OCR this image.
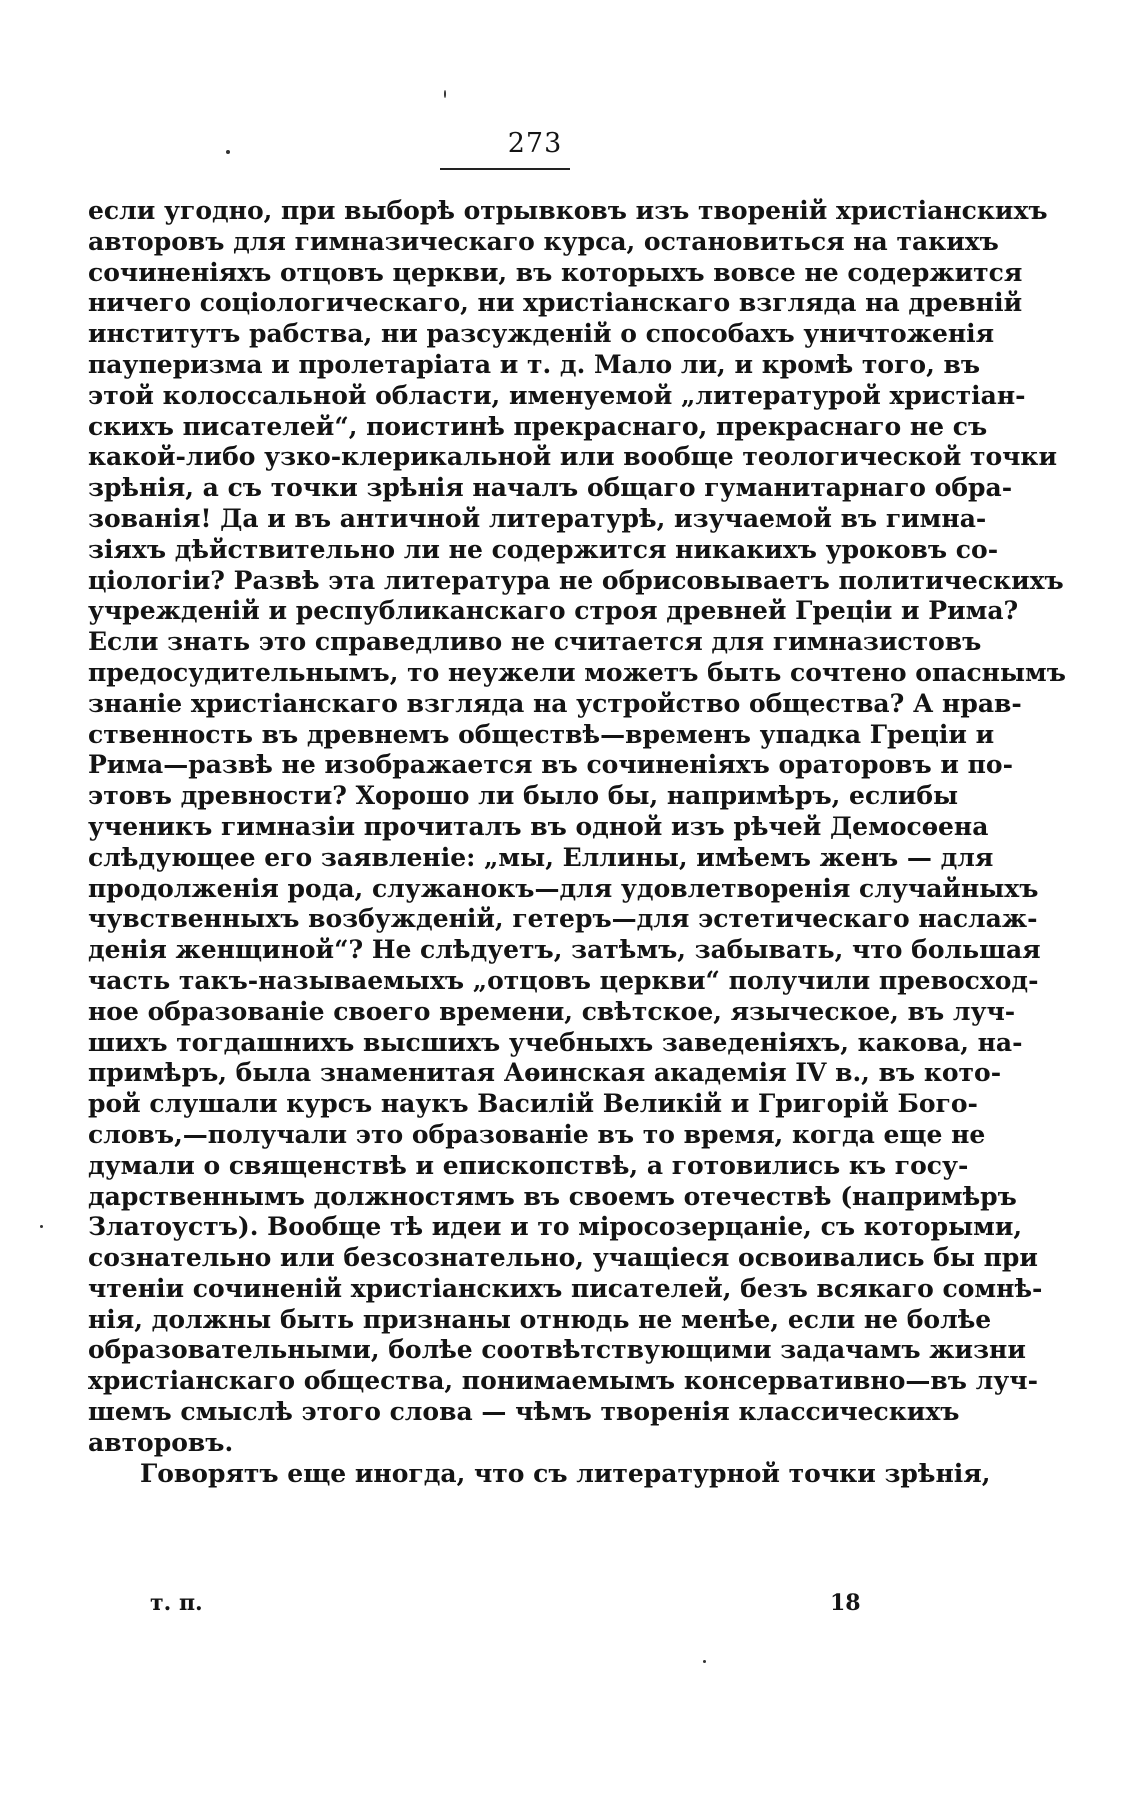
273
если угодно, при выборѣ отрывковъ изъ твореній христіанскихъ
авторовъ для гимназическаго курса, остановиться на такихъ
сочиненіяхъ отцовъ церкви, въ которыхъ вовсе не содержится
ничего соціологическаго, ни христіанскаго взгляда на древній
институтъ рабства, ни разсужденій о способахъ уничтоженія
пауперизма и пролетаріата и т. д. Мало ли, и кромѣ того, въ
этой колоссальной области, именуемой „литературой христіан-
скихъ писателей“, поистинѣ прекраснаго, прекраснаго не съ
какой-либо узко-клерикальной или вообще теологической точки
зрѣнія, а съ точки зрѣнія началъ общаго гуманитарнаго обра-
зованія! Да и въ античной литературѣ, изучаемой въ гимна-
зіяхъ дѣйствительно ли не содержится никакихъ уроковъ со-
ціологіи? Развѣ эта литература не обрисовываетъ политическихъ
учрежденій и республиканскаго строя древней Греціи и Рима?
Если знать это справедливо не считается для гимназистовъ
предосудительнымъ, то неужели можетъ быть сочтено опаснымъ
знаніе христіанскаго взгляда на устройство общества? А нрав-
ственность въ древнемъ обществѣ—временъ упадка Греціи и
Рима—развѣ не изображается въ сочиненіяхъ ораторовъ и по-
этовъ древности? Хорошо ли было бы, напримѣръ, еслибы
ученикъ гимназіи прочиталъ въ одной изъ рѣчей Демосѳена
слѣдующее его заявленіе: „мы, Еллины, имѣемъ женъ — для
продолженія рода, служанокъ—для удовлетворенія случайныхъ
чувственныхъ возбужденій, гетеръ—для эстетическаго наслаж-
денія женщиной“? Не слѣдуетъ, затѣмъ, забывать, что большая
часть такъ-называемыхъ „отцовъ церкви“ получили превосход-
ное образованіе своего времени, свѣтское, языческое, въ луч-
шихъ тогдашнихъ высшихъ учебныхъ заведеніяхъ, какова, на-
примѣръ, была знаменитая Аѳинская академія IV в., въ кото-
рой слушали курсъ наукъ Василій Великій и Григорій Бого-
словъ,—получали это образованіе въ то время, когда еще не
думали о священствѣ и епископствѣ, а готовились къ госу-
дарственнымъ должностямъ въ своемъ отечествѣ (напримѣръ
Златоустъ). Вообще тѣ идеи и то міросозерцаніе, съ которыми,
сознательно или безсознательно, учащіеся освоивались бы при
чтеніи сочиненій христіанскихъ писателей, безъ всякаго сомнѣ-
нія, должны быть признаны отнюдь не менѣе, если не болѣе
образовательными, болѣе соотвѣтствующими задачамъ жизни
христіанскаго общества, понимаемымъ консервативно—въ луч-
шемъ смыслѣ этого слова — чѣмъ творенія классическихъ
авторовъ.
Говорятъ еще иногда, что съ литературной точки зрѣнія,
т. п.	18
